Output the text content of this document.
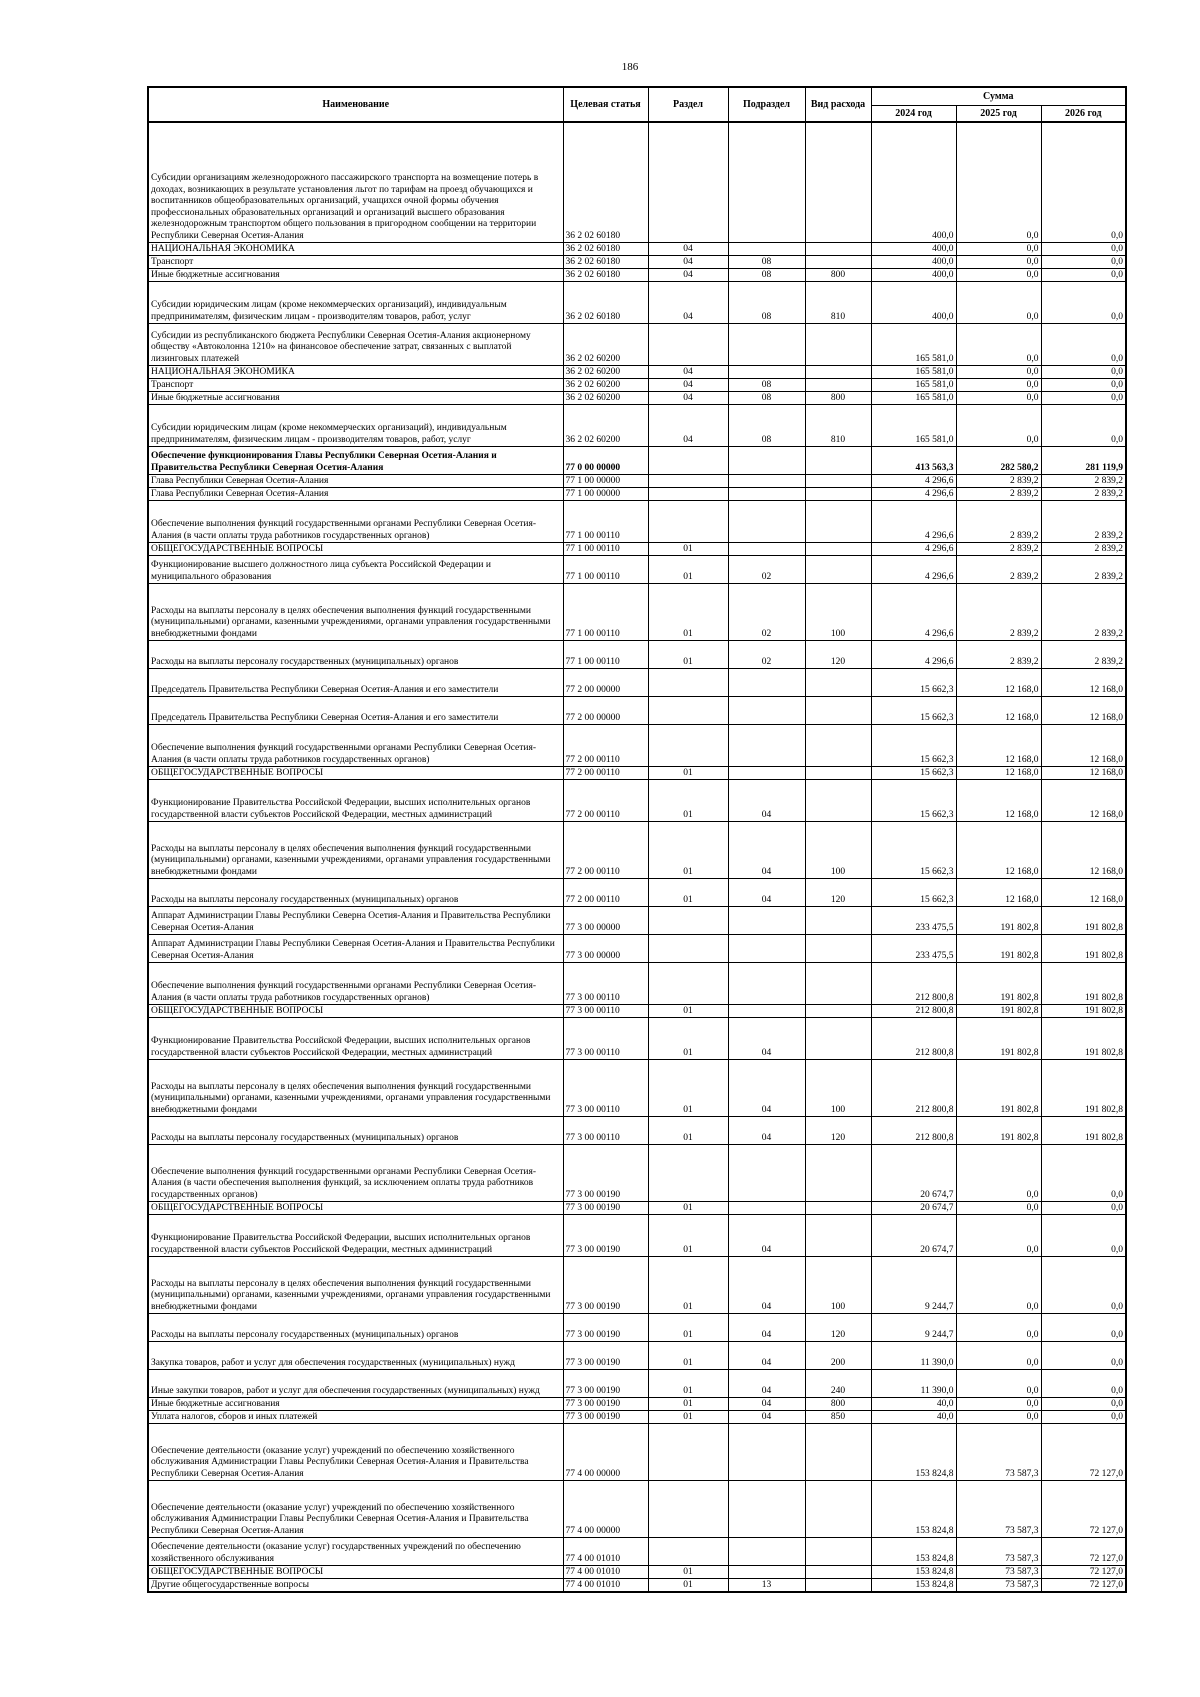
186
Наименование	Целевая статья	Раздел	Подраздел	Вид расхода	Сумма		
					2024 год	2025 год	2026 год
Субсидии организациям железнодорожного пассажирского транспорта на возмещение потерь в доходах, возникающих в результате установления льгот по тарифам на проезд обучающихся и воспитанников общеобразовательных организаций, учащихся очной формы обучения профессиональных образовательных организаций и организаций высшего образования железнодорожным транспортом общего пользования в пригородном сообщении на территории Республики Северная Осетия-Алания	36 2 02 60180				400,0	0,0	0,0
НАЦИОНАЛЬНАЯ ЭКОНОМИКА	36 2 02 60180	04			400,0	0,0	0,0
Транспорт	36 2 02 60180	04	08		400,0	0,0	0,0
Иные бюджетные ассигнования	36 2 02 60180	04	08	800	400,0	0,0	0,0
Субсидии юридическим лицам (кроме некоммерческих организаций), индивидуальным предпринимателям, физическим лицам - производителям товаров, работ, услуг	36 2 02 60180	04	08	810	400,0	0,0	0,0
Субсидии из республиканского бюджета Республики Северная Осетия-Алания акционерному обществу «Автоколонна 1210» на финансовое обеспечение затрат, связанных с выплатой лизинговых платежей	36 2 02 60200				165 581,0	0,0	0,0
НАЦИОНАЛЬНАЯ ЭКОНОМИКА	36 2 02 60200	04			165 581,0	0,0	0,0
Транспорт	36 2 02 60200	04	08		165 581,0	0,0	0,0
Иные бюджетные ассигнования	36 2 02 60200	04	08	800	165 581,0	0,0	0,0
Субсидии юридическим лицам (кроме некоммерческих организаций), индивидуальным предпринимателям, физическим лицам - производителям товаров, работ, услуг	36 2 02 60200	04	08	810	165 581,0	0,0	0,0
Обеспечение функционирования Главы Республики Северная Осетия-Алания и Правительства Республики Северная Осетия-Алания	77 0 00 00000				413 563,3	282 580,2	281 119,9
Глава Республики Северная Осетия-Алания	77 1 00 00000				4 296,6	2 839,2	2 839,2
Глава Республики Северная Осетия-Алания	77 1 00 00000				4 296,6	2 839,2	2 839,2
Обеспечение выполнения функций государственными органами Республики Северная Осетия-Алания (в части оплаты труда работников государственных органов)	77 1 00 00110				4 296,6	2 839,2	2 839,2
ОБЩЕГОСУДАРСТВЕННЫЕ ВОПРОСЫ	77 1 00 00110	01			4 296,6	2 839,2	2 839,2
Функционирование высшего должностного лица субъекта Российской Федерации и муниципального образования	77 1 00 00110	01	02		4 296,6	2 839,2	2 839,2
Расходы на выплаты персоналу в целях обеспечения выполнения функций государственными (муниципальными) органами, казенными учреждениями, органами управления государственными внебюджетными фондами	77 1 00 00110	01	02	100	4 296,6	2 839,2	2 839,2
Расходы на выплаты персоналу государственных (муниципальных) органов	77 1 00 00110	01	02	120	4 296,6	2 839,2	2 839,2
Председатель Правительства Республики Северная Осетия-Алания и его заместители	77 2 00 00000				15 662,3	12 168,0	12 168,0
Председатель Правительства Республики Северная Осетия-Алания и его заместители	77 2 00 00000				15 662,3	12 168,0	12 168,0
Обеспечение выполнения функций государственными органами Республики Северная Осетия-Алания (в части оплаты труда работников государственных органов)	77 2 00 00110				15 662,3	12 168,0	12 168,0
ОБЩЕГОСУДАРСТВЕННЫЕ ВОПРОСЫ	77 2 00 00110	01			15 662,3	12 168,0	12 168,0
Функционирование Правительства Российской Федерации, высших исполнительных органов государственной власти субъектов Российской Федерации, местных администраций	77 2 00 00110	01	04		15 662,3	12 168,0	12 168,0
Расходы на выплаты персоналу в целях обеспечения выполнения функций государственными (муниципальными) органами, казенными учреждениями, органами управления государственными внебюджетными фондами	77 2 00 00110	01	04	100	15 662,3	12 168,0	12 168,0
Расходы на выплаты персоналу государственных (муниципальных) органов	77 2 00 00110	01	04	120	15 662,3	12 168,0	12 168,0
Аппарат Администрации Главы Республики Северна Осетия-Алания и Правительства Республики Северная Осетия-Алания	77 3 00 00000				233 475,5	191 802,8	191 802,8
Аппарат Администрации Главы Республики Северная Осетия-Алания и Правительства Республики Северная Осетия-Алания	77 3 00 00000				233 475,5	191 802,8	191 802,8
Обеспечение выполнения функций государственными органами Республики Северная Осетия-Алания (в части оплаты труда работников государственных органов)	77 3 00 00110				212 800,8	191 802,8	191 802,8
ОБЩЕГОСУДАРСТВЕННЫЕ ВОПРОСЫ	77 3 00 00110	01			212 800,8	191 802,8	191 802,8
Функционирование Правительства Российской Федерации, высших исполнительных органов государственной власти субъектов Российской Федерации, местных администраций	77 3 00 00110	01	04		212 800,8	191 802,8	191 802,8
Расходы на выплаты персоналу в целях обеспечения выполнения функций государственными (муниципальными) органами, казенными учреждениями, органами управления государственными внебюджетными фондами	77 3 00 00110	01	04	100	212 800,8	191 802,8	191 802,8
Расходы на выплаты персоналу государственных (муниципальных) органов	77 3 00 00110	01	04	120	212 800,8	191 802,8	191 802,8
Обеспечение выполнения функций государственными органами Республики Северная Осетия-Алания (в части обеспечения выполнения функций, за исключением оплаты труда работников государственных органов)	77 3 00 00190				20 674,7	0,0	0,0
ОБЩЕГОСУДАРСТВЕННЫЕ ВОПРОСЫ	77 3 00 00190	01			20 674,7	0,0	0,0
Функционирование Правительства Российской Федерации, высших исполнительных органов государственной власти субъектов Российской Федерации, местных администраций	77 3 00 00190	01	04		20 674,7	0,0	0,0
Расходы на выплаты персоналу в целях обеспечения выполнения функций государственными (муниципальными) органами, казенными учреждениями, органами управления государственными внебюджетными фондами	77 3 00 00190	01	04	100	9 244,7	0,0	0,0
Расходы на выплаты персоналу государственных (муниципальных) органов	77 3 00 00190	01	04	120	9 244,7	0,0	0,0
Закупка товаров, работ и услуг для обеспечения государственных (муниципальных) нужд	77 3 00 00190	01	04	200	11 390,0	0,0	0,0
Иные закупки товаров, работ и услуг для обеспечения государственных (муниципальных) нужд	77 3 00 00190	01	04	240	11 390,0	0,0	0,0
Иные бюджетные ассигнования	77 3 00 00190	01	04	800	40,0	0,0	0,0
Уплата налогов, сборов и иных платежей	77 3 00 00190	01	04	850	40,0	0,0	0,0
Обеспечение деятельности (оказание услуг) учреждений по обеспечению хозяйственного обслуживания Администрации Главы Республики Северная Осетия-Алания и Правительства Республики Северная Осетия-Алания	77 4 00 00000				153 824,8	73 587,3	72 127,0
Обеспечение деятельности (оказание услуг) учреждений по обеспечению хозяйственного обслуживания Администрации Главы Республики Северная Осетия-Алания и Правительства Республики Северная Осетия-Алания	77 4 00 00000				153 824,8	73 587,3	72 127,0
Обеспечение деятельности (оказание услуг) государственных учреждений по обеспечению хозяйственного обслуживания	77 4 00 01010				153 824,8	73 587,3	72 127,0
ОБЩЕГОСУДАРСТВЕННЫЕ ВОПРОСЫ	77 4 00 01010	01			153 824,8	73 587,3	72 127,0
Другие общегосударственные вопросы	77 4 00 01010	01	13		153 824,8	73 587,3	72 127,0
